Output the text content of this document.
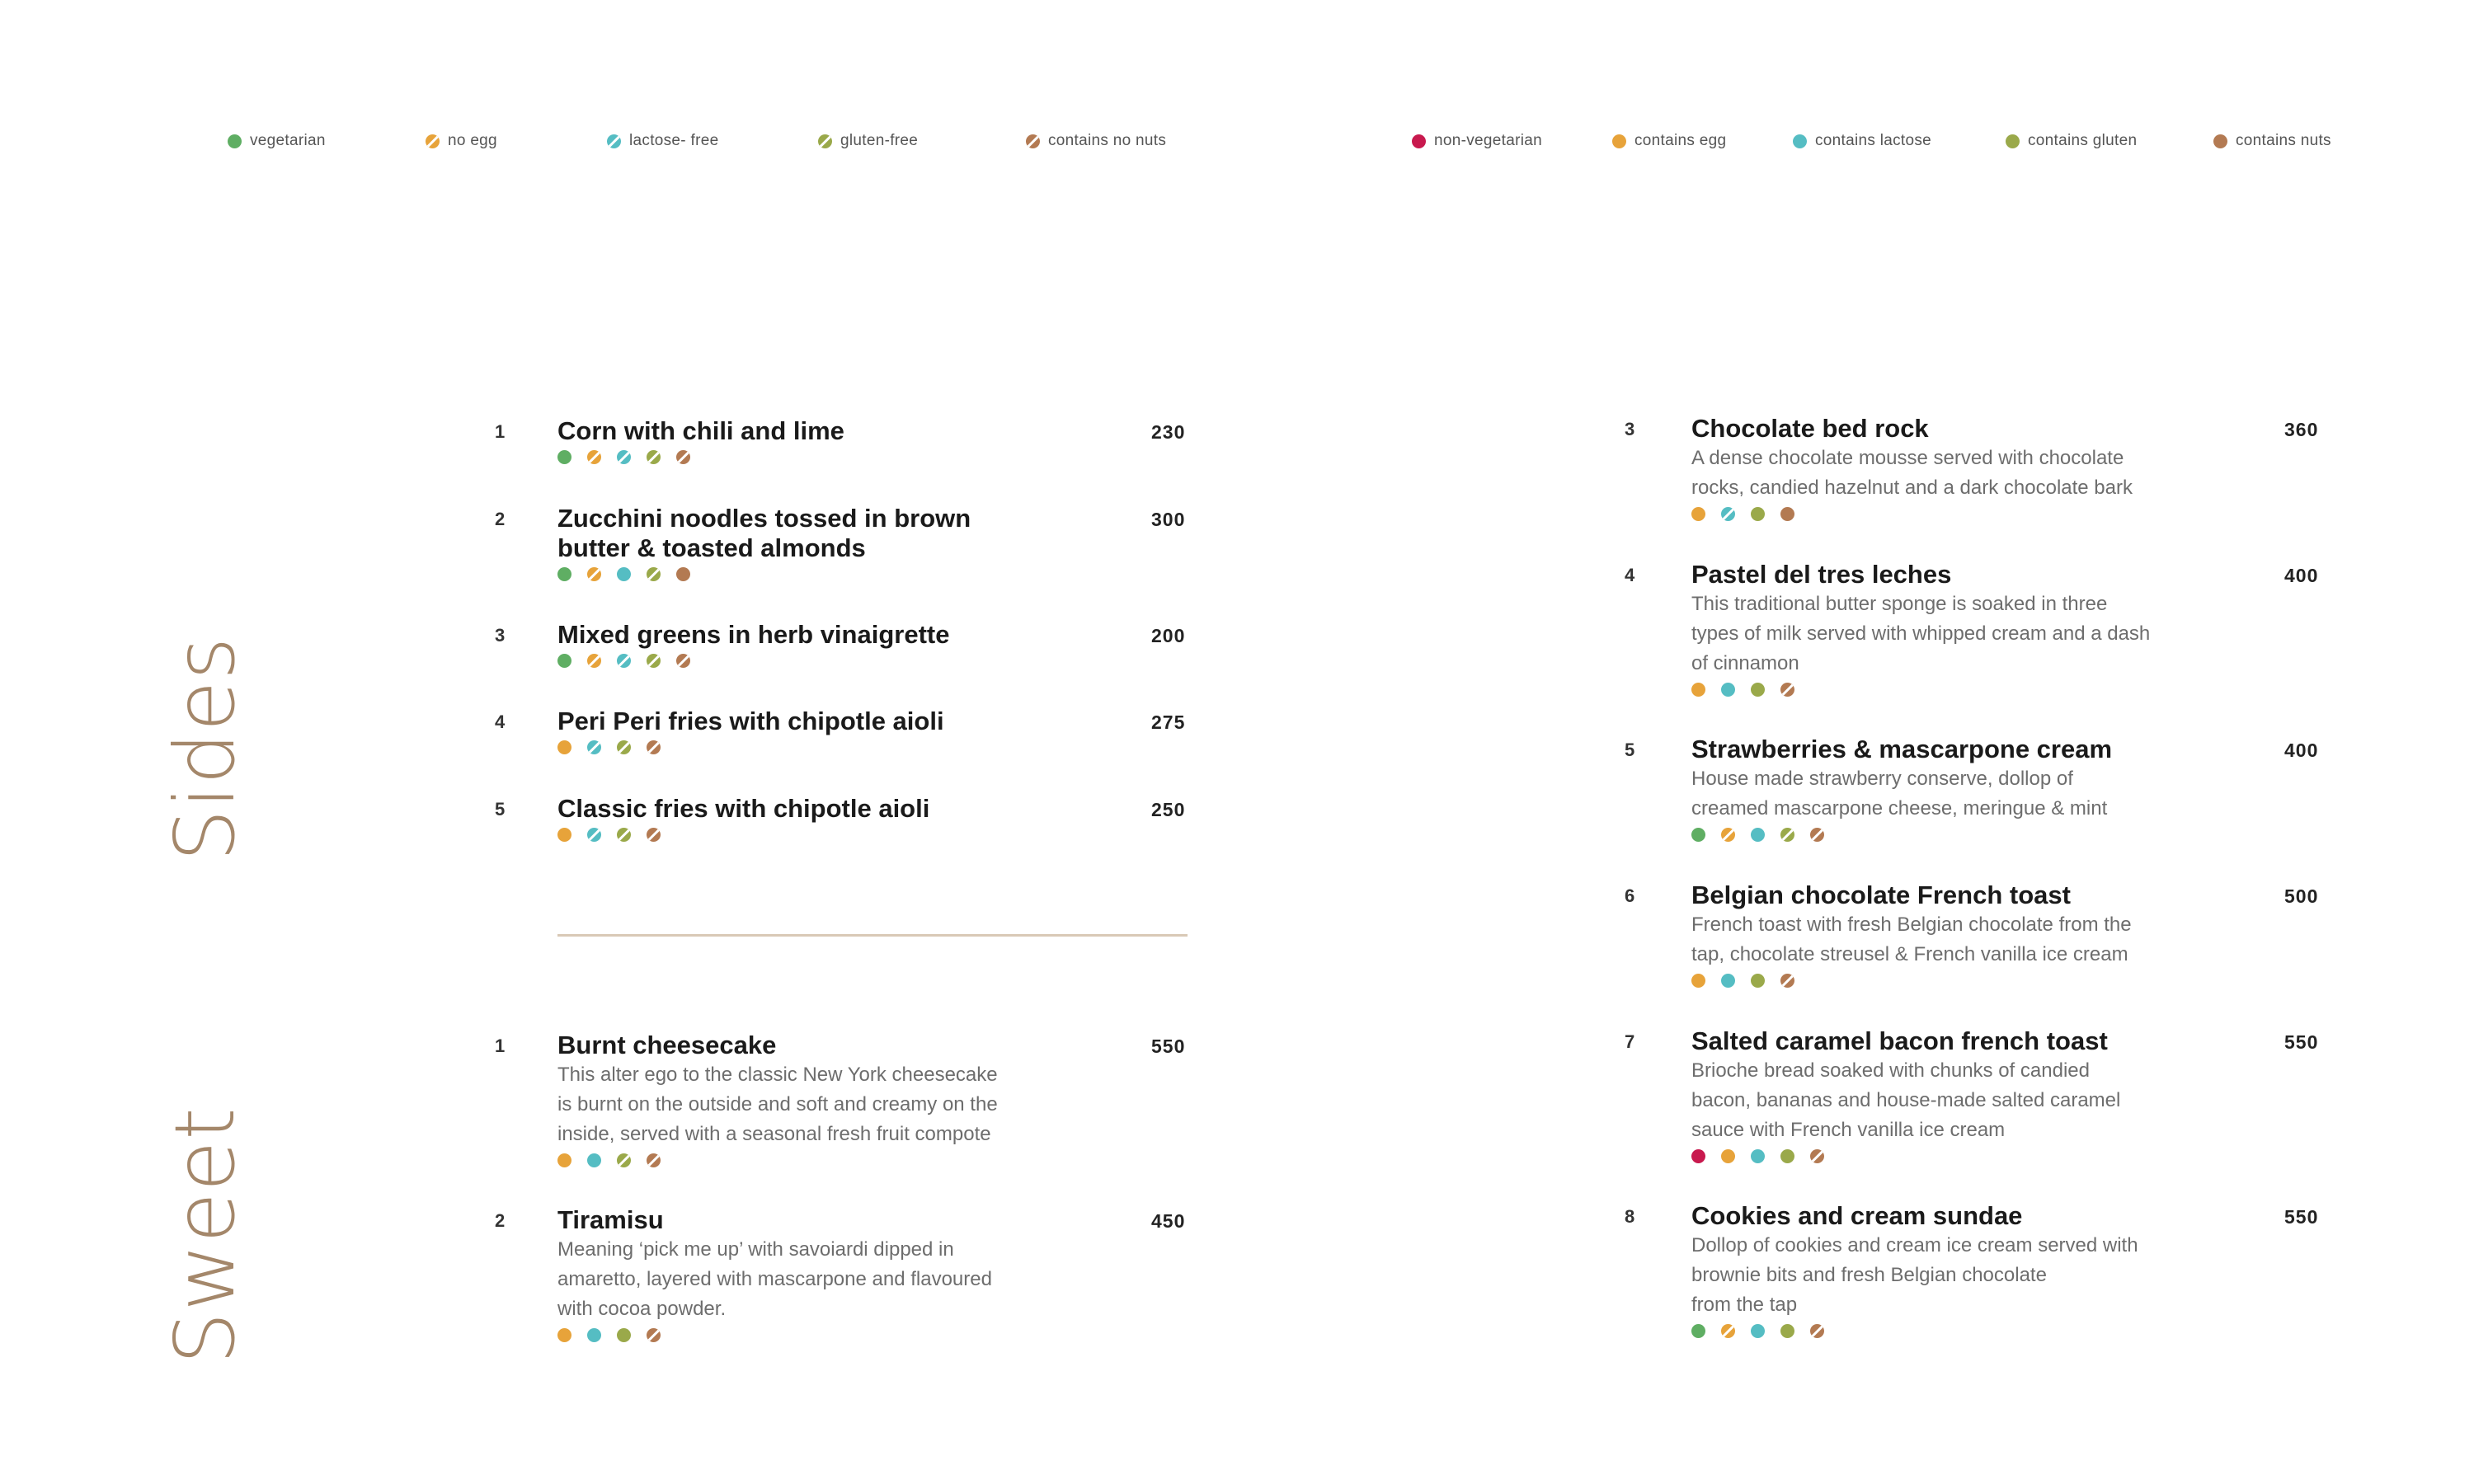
vegetarian	no egg	lactose- free	gluten-free	contains no nuts	non-vegetarian	contains egg	contains lactose	contains gluten	contains nuts
Sides
Sweet
1 Corn with chili and lime	230
2 Zucchini noodles tossed in brown
butter & toasted almonds
300
3 Mixed greens in herb vinaigrette	200
4 Peri Peri fries with chipotle aioli	275
5 Classic fries with chipotle aioli	250
1 Burnt cheesecake
This alter ego to the classic New York cheesecake
is burnt on the outside and soft and creamy on the
inside, served with a seasonal fresh fruit compote
550
2 Tiramisu
Meaning ‘pick me up’ with savoiardi dipped in
amaretto, layered with mascarpone and flavoured
with cocoa powder.
450
3 Chocolate bed rock
A dense chocolate mousse served with chocolate
rocks, candied hazelnut and a dark chocolate bark
360
4 Pastel del tres leches
This traditional butter sponge is soaked in three
types of milk served with whipped cream and a dash
of cinnamon
400
5 Strawberries & mascarpone cream
House made strawberry conserve, dollop of
creamed mascarpone cheese, meringue & mint
400
6 Belgian chocolate French toast
French toast with fresh Belgian chocolate from the
tap, chocolate streusel & French vanilla ice cream
500
7 Salted caramel bacon french toast
Brioche bread soaked with chunks of candied
bacon, bananas and house-made salted caramel
sauce with French vanilla ice cream
550
8 Cookies and cream sundae
Dollop of cookies and cream ice cream served with
brownie bits and fresh Belgian chocolate
from the tap
550
